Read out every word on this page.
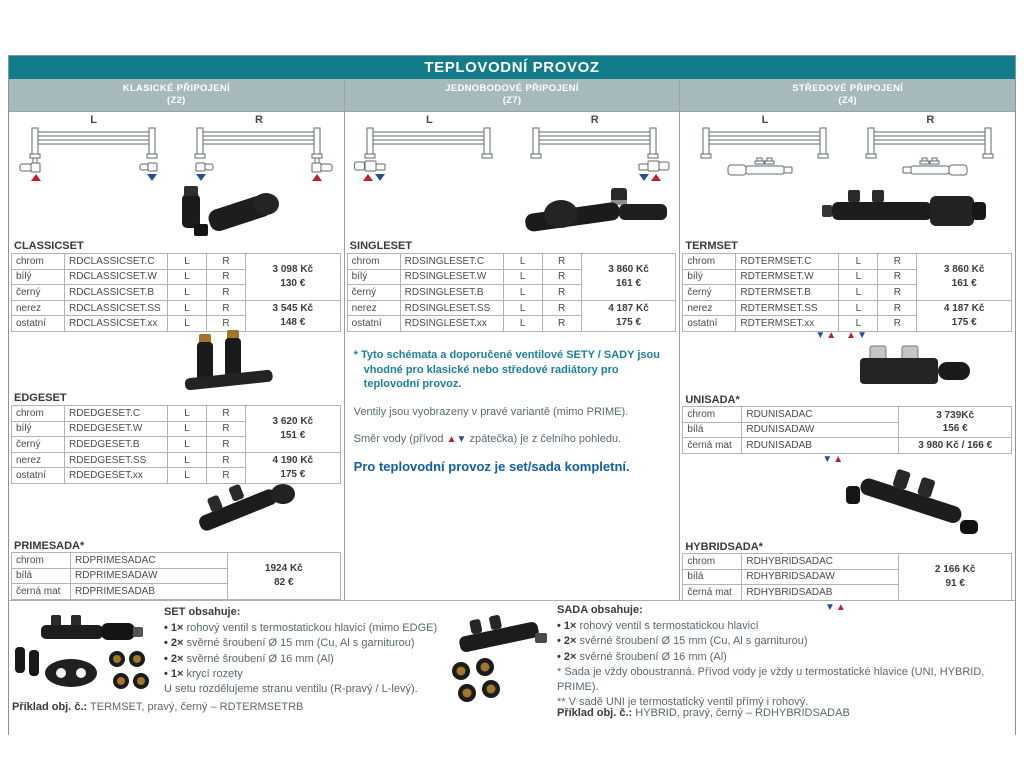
TEPLOVODNÍ PROVOZ
KLASICKÉ PŘIPOJENÍ
(Z2)
L	R
CLASSICSET
chrom	RDCLASSICSET.C	L	R	3 098 Kč
130 €
bílý	RDCLASSICSET.W	L	R	
černý	RDCLASSICSET.B	L	R	
nerez	RDCLASSICSET.SS	L	R	3 545 Kč
148 €
ostatní	RDCLASSICSET.xx	L	R	
EDGESET
chrom	RDEDGESET.C	L	R	3 620 Kč
151 €
bílý	RDEDGESET.W	L	R	
černý	RDEDGESET.B	L	R	
nerez	RDEDGESET.SS	L	R	4 190 Kč
175 €
ostatní	RDEDGESET.xx	L	R	
PRIMESADA*
chrom	RDPRIMESADAC	1924 Kč
82 €
bílá	RDPRIMESADAW	
černá mat	RDPRIMESADAB	
JEDNOBODOVÉ PŘIPOJENÍ
(Z7)
L	R
SINGLESET
chrom	RDSINGLESET.C	L	R	3 860 Kč
161 €
bílý	RDSINGLESET.W	L	R	
černý	RDSINGLESET.B	L	R	
nerez	RDSINGLESET.SS	L	R	4 187 Kč
175 €
ostatní	RDSINGLESET.xx	L	R	
* Tyto schémata a doporučené ventilové SETY / SADY jsou vhodné pro klasické nebo středové radiátory pro teplovodní provoz.
Ventily jsou vyobrazeny v pravé variantě (mimo PRIME).
Směr vody (přívod ▲▼ zpátečka) je z čelního pohledu.
Pro teplovodní provoz je set/sada kompletní.
STŘEDOVÉ PŘIPOJENÍ
(Z4)
L	R
TERMSET
chrom	RDTERMSET.C	L	R	3 860 Kč
161 €
bílý	RDTERMSET.W	L	R	
černý	RDTERMSET.B	L	R	
nerez	RDTERMSET.SS	L	R	4 187 Kč
175 €
ostatní	RDTERMSET.xx	L	R	
▼ ▲ ▲ ▼
UNISADA*
chrom	RDUNISADAC	3 739Kč
156 €
bílá	RDUNISADAW	
černá mat	RDUNISADAB	3 980 Kč / 166 €
▼ ▲
HYBRIDSADA*
chrom	RDHYBRIDSADAC	2 166 Kč
91 €
bílá	RDHYBRIDSADAW	
černá mat	RDHYBRIDSADAB	
▼ ▲
SET obsahuje:
• 1× rohový ventil s termostatickou hlavicí (mimo EDGE)
• 2× svěrné šroubení Ø 15 mm (Cu, Al s garniturou)
• 2× svěrné šroubení Ø 16 mm (Al)
• 1× krycí rozety
U setu rozdělujeme stranu ventilu (R-pravý / L-levý).
Příklad obj. č.: TERMSET, pravý, černý – RDTERMSETRB
SADA obsahuje:
• 1× rohový ventil s termostatickou hlavicí
• 2× svěrné šroubení Ø 15 mm (Cu, Al s garniturou)
• 2× svěrné šroubení Ø 16 mm (Al)
* Sada je vždy oboustranná. Přívod vody je vždy u termostatické hlavice (UNI, HYBRID, PRIME).
** V sadě UNI je termostatický ventil přímý i rohový.
Příklad obj. č.: HYBRID, pravý, černý – RDHYBRIDSADAB
